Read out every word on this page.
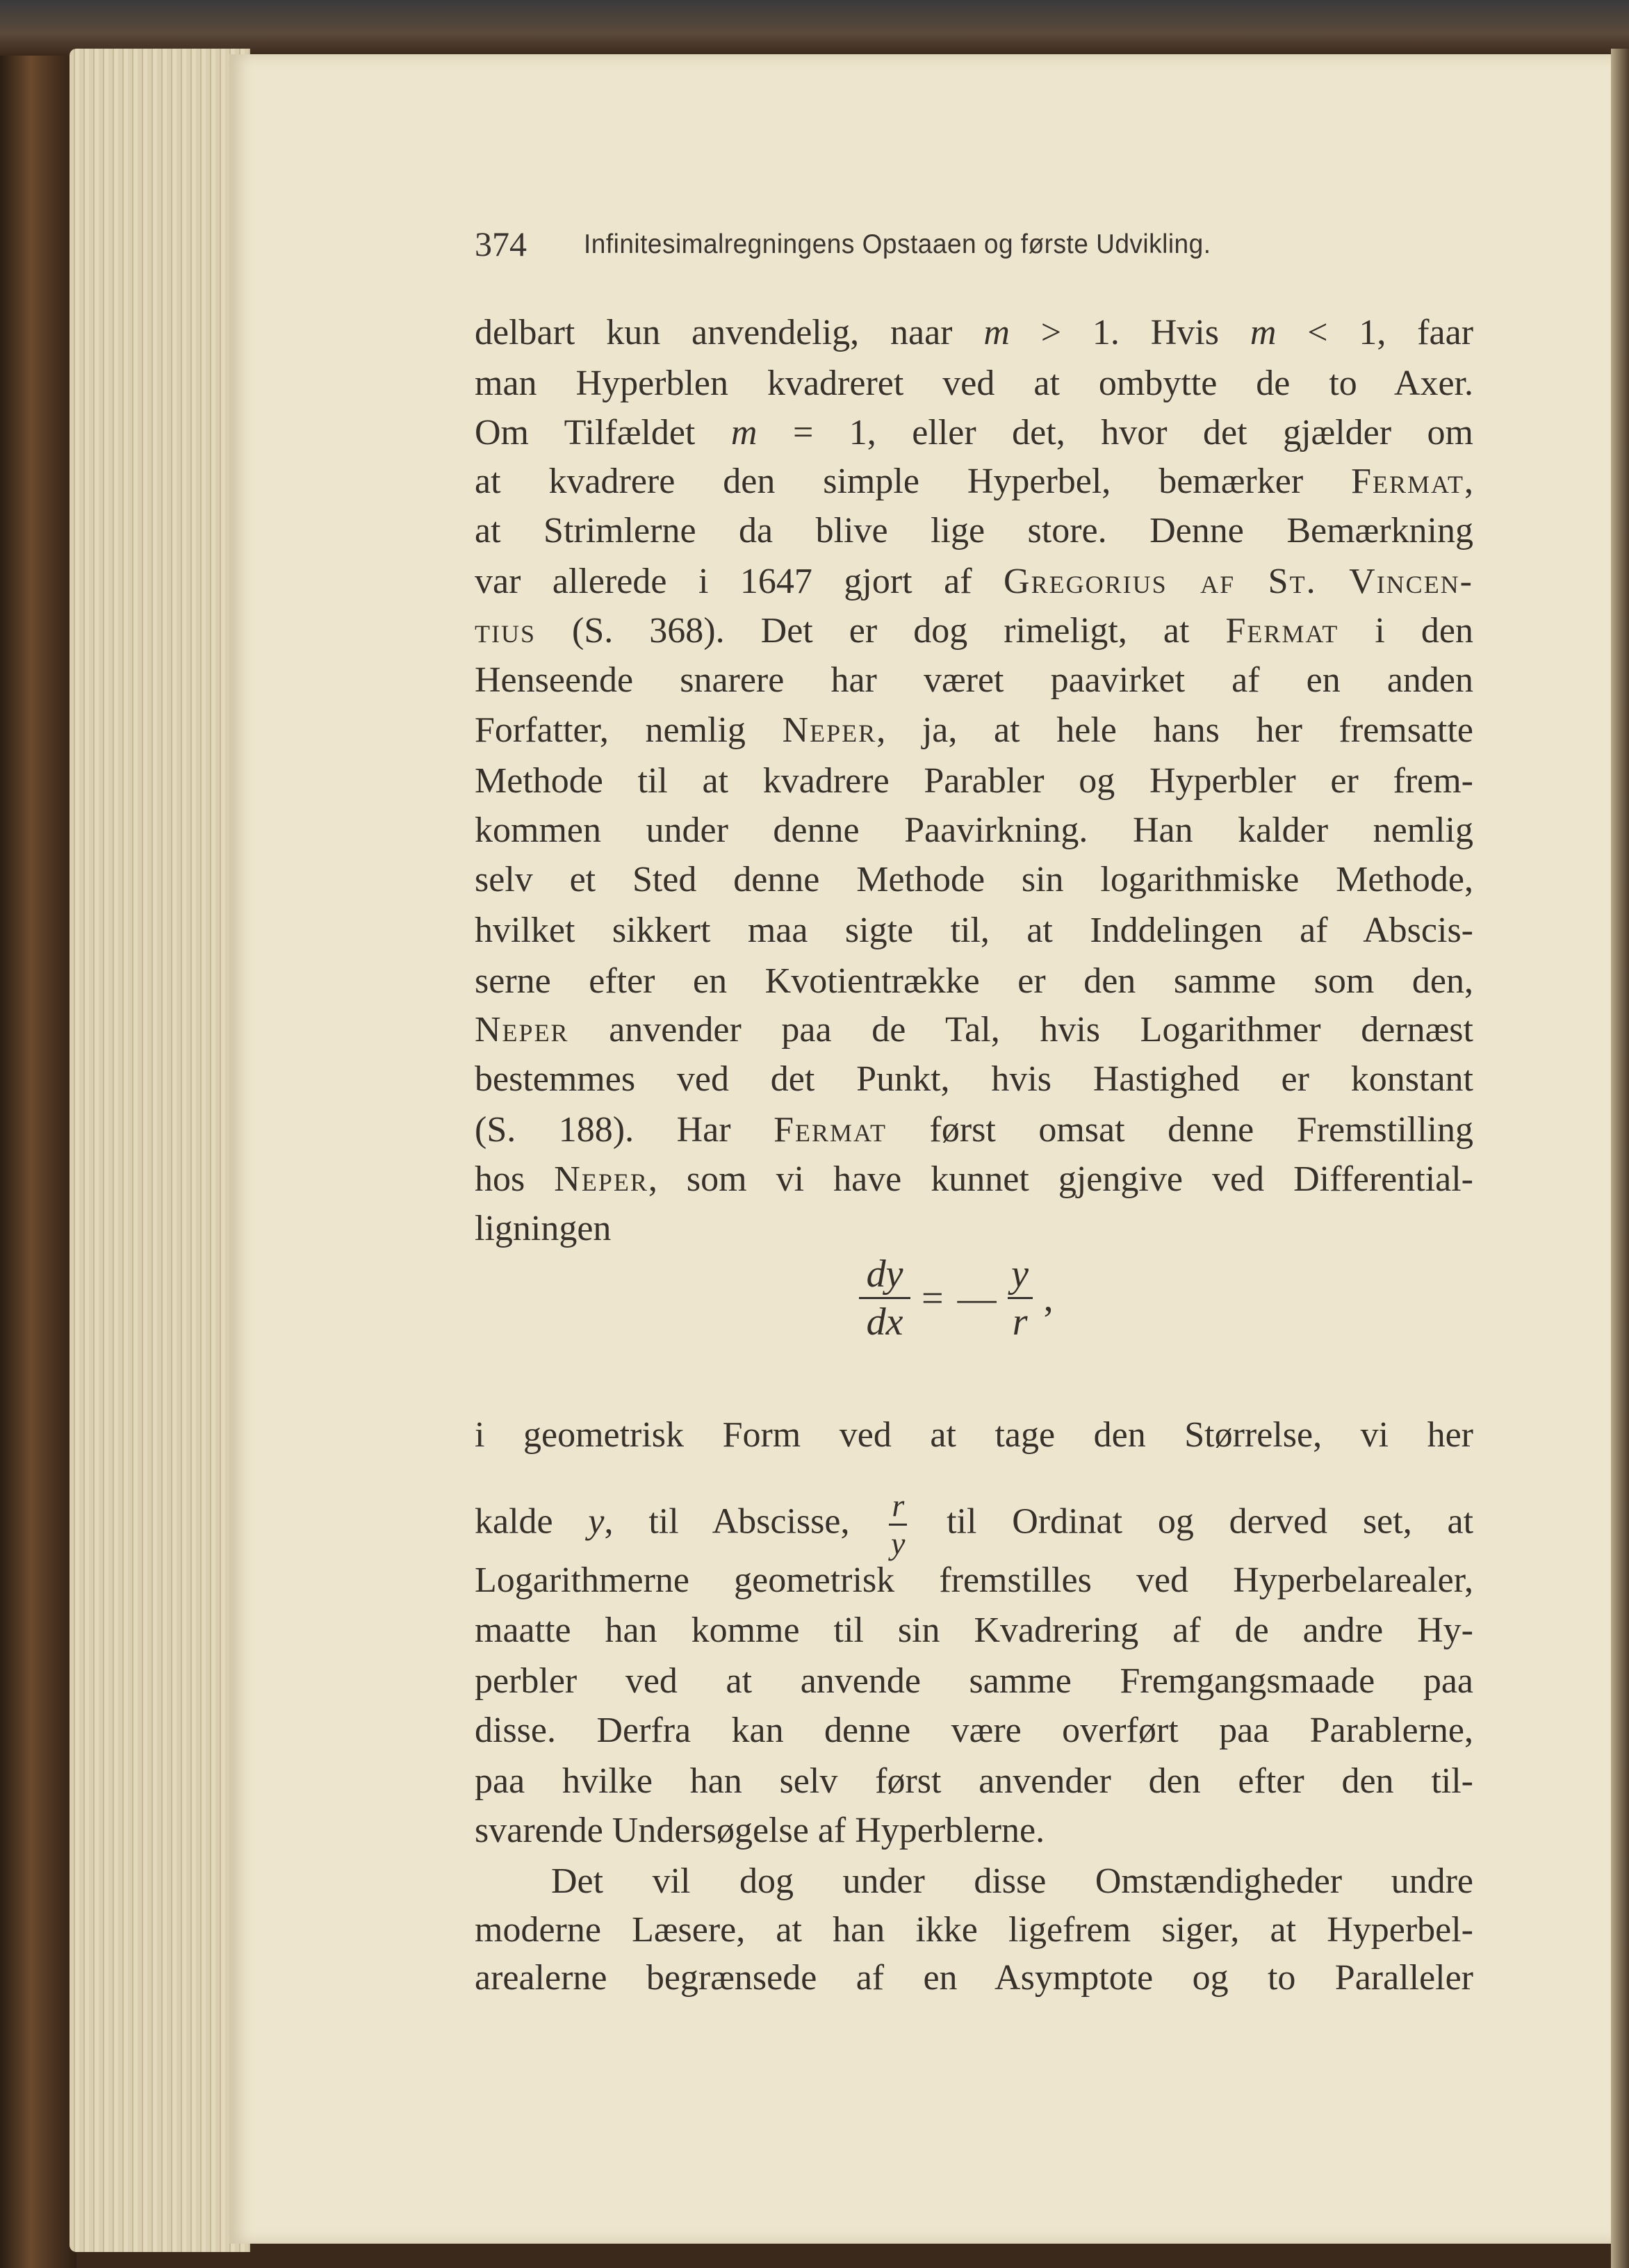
374 Infinitesimalregningens Opstaaen og første Udvikling.
delbart kun anvendelig, naar m > 1. Hvis m < 1, faar
man Hyperblen kvadreret ved at ombytte de to Axer.
Om Tilfældet m = 1, eller det, hvor det gjælder om
at kvadrere den simple Hyperbel, bemærker Fermat,
at Strimlerne da blive lige store. Denne Bemærkning
var allerede i 1647 gjort af Gregorius af St. Vincen-
tius (S. 368). Det er dog rimeligt, at Fermat i den
Henseende snarere har været paavirket af en anden
Forfatter, nemlig Neper, ja, at hele hans her fremsatte
Methode til at kvadrere Parabler og Hyperbler er frem-
kommen under denne Paavirkning. Han kalder nemlig
selv et Sted denne Methode sin logarithmiske Methode,
hvilket sikkert maa sigte til, at Inddelingen af Abscis-
serne efter en Kvotientrække er den samme som den,
Neper anvender paa de Tal, hvis Logarithmer dernæst
bestemmes ved det Punkt, hvis Hastighed er konstant
(S. 188). Har Fermat først omsat denne Fremstilling
hos Neper, som vi have kunnet gjengive ved Differential-
ligningen
i geometrisk Form ved at tage den Størrelse, vi her
kalde y, til Abscisse, $\frac{r}{y}$ til Ordinat og derved set, at
Logarithmerne geometrisk fremstilles ved Hyperbelarealer,
maatte han komme til sin Kvadrering af de andre Hy-
perbler ved at anvende samme Fremgangsmaade paa
disse. Derfra kan denne være overført paa Parablerne,
paa hvilke han selv først anvender den efter den til-
svarende Undersøgelse af Hyperblerne.
Det vil dog under disse Omstændigheder undre
moderne Læsere, at han ikke ligefrem siger, at Hyperbel-
arealerne begrænsede af en Asymptote og to Paralleler
$\frac{dy}{dx}$ = — $\frac{y}{r}$ ,
